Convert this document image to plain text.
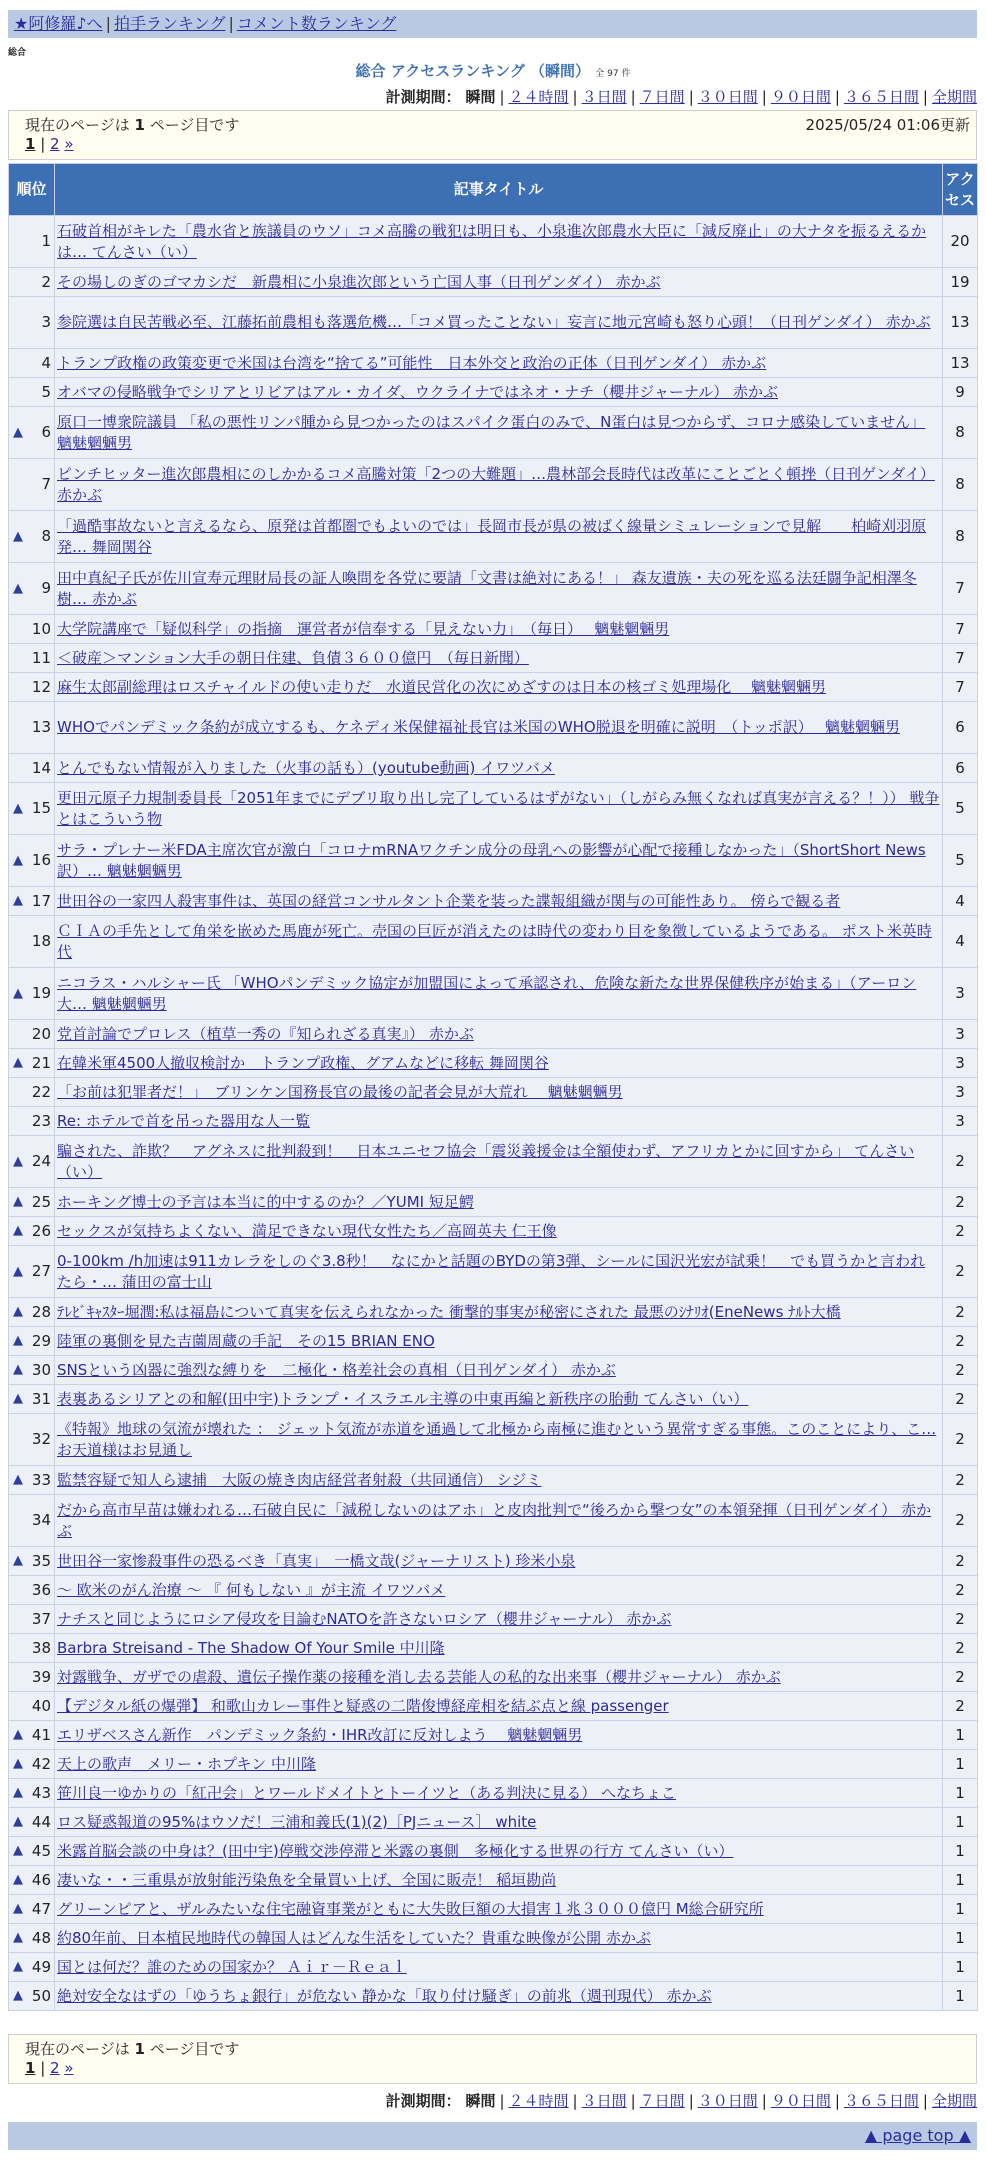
★阿修羅♪へ | 拍手ランキング | コメント数ランキング
総合
総合 アクセスランキング （瞬間） 全 97 件
計測期間： 瞬間 | ２４時間 | ３日間 | ７日間 | ３０日間 | ９０日間 | ３６５日間 | 全期間
現在のページは 1 ページ目です	2025/05/24 01:06更新
1 | 2 »
順位	記事タイトル	アクセス
1	石破首相がキレた「農水省と族議員のウソ」コメ高騰の戦犯は明日も、小泉進次郎農水大臣に「減反廃止」の大ナタを振るえるかは… てんさい（い）	20
2	その場しのぎのゴマカシだ　新農相に小泉進次郎という亡国人事（日刊ゲンダイ） 赤かぶ	19
3	参院選は自民苦戦必至、江藤拓前農相も落選危機…「コメ買ったことない」妄言に地元宮崎も怒り心頭！（日刊ゲンダイ） 赤かぶ	13
4	トランプ政権の政策変更で米国は台湾を“捨てる”可能性　日本外交と政治の正体（日刊ゲンダイ） 赤かぶ	13
5	オバマの侵略戦争でシリアとリビアはアル・カイダ、ウクライナではネオ・ナチ（櫻井ジャーナル） 赤かぶ	9

▲ 6	原口一博衆院議員 「私の悪性リンパ腫から見つかったのはスパイク蛋白のみで、N蛋白は見つからず、コロナ感染していません」 魑魅魍魎男	8
7	ピンチヒッター進次郎農相にのしかかるコメ高騰対策「2つの大難題」…農林部会長時代は改革にことごとく頓挫（日刊ゲンダイ） 赤かぶ	8

▲ 8	「過酷事故ないと言えるなら、原発は首都圏でもよいのでは」長岡市長が県の被ばく線量シミュレーションで見解　　柏崎刈羽原発… 舞岡関谷	8

▲ 9	田中真紀子氏が佐川宣寿元理財局長の証人喚問を各党に要請「文書は絶対にある！」 森友遺族・夫の死を巡る法廷闘争記相澤冬樹… 赤かぶ	7
10	大学院講座で「疑似科学」の指摘　運営者が信奉する「見えない力」　（毎日）　 魑魅魍魎男	7
11	＜破産＞マンション大手の朝日住建、負債３６００億円　（毎日新聞）	7
12	麻生太郎副総理はロスチャイルドの使い走りだ　水道民営化の次にめざすのは日本の核ゴミ処理場化　 魑魅魍魎男	7
13	WHOでパンデミック条約が成立するも、ケネディ米保健福祉長官は米国のWHO脱退を明確に説明　（トッポ訳）　 魑魅魍魎男	6
14	とんでもない情報が入りました（火事の話も）(youtube動画) イワツバメ	6

▲ 15	更田元原子力規制委員長「2051年までにデブリ取り出し完了しているはずがない」（しがらみ無くなれば真実が言える？！）） 戦争とはこういう物	5

▲ 16	サラ・プレナー米FDA主席次官が激白「コロナmRNAワクチン成分の母乳への影響が心配で接種しなかった」（ShortShort News訳）… 魑魅魍魎男	5

▲ 17	世田谷の一家四人殺害事件は、英国の経営コンサルタント企業を装った諜報組織が関与の可能性あり。 傍らで観る者	4
18	ＣＩＡの手先として角栄を嵌めた馬鹿が死亡。売国の巨匠が消えたのは時代の変わり目を象徴しているようである。 ポスト米英時代	4

▲ 19	ニコラス・ハルシャー氏 「WHOパンデミック協定が加盟国によって承認され、危険な新たな世界保健秩序が始まる」（アーロン大… 魑魅魍魎男	3
20	党首討論でプロレス（植草一秀の『知られざる真実』） 赤かぶ	3

▲ 21	在韓米軍4500人撤収検討か　トランプ政権、グアムなどに移転 舞岡関谷	3
22	「お前は犯罪者だ！」　ブリンケン国務長官の最後の記者会見が大荒れ　 魑魅魍魎男	3
23	Re: ホテルで首を吊った器用な人一覧	3

▲ 24	騙された、詐欺？　アグネスに批判殺到！　日本ユニセフ協会「震災義援金は全額使わず、アフリカとかに回すから」 てんさい（い）	2

▲ 25	ホーキング博士の予言は本当に的中するのか？／YUMI 短足鰐	2

▲ 26	セックスが気持ちよくない、満足できない現代女性たち／高岡英夫 仁王像	2

▲ 27	0-100km /h加速は911カレラをしのぐ3.8秒！　なにかと話題のBYDの第3弾、シールに国沢光宏が試乗！　でも買うかと言われたら・… 蒲田の富士山	2

▲ 28	ﾃﾚﾋﾞｷｬｽﾀｰ堀潤:私は福島について真実を伝えられなかった 衝撃的事実が秘密にされた 最悪のｼﾅﾘｵ(EneNews ﾅﾙﾄ大橋	2

▲ 29	陸軍の裏側を見た吉薗周蔵の手記　その15 BRIAN ENO	2

▲ 30	SNSという凶器に強烈な縛りを　二極化・格差社会の真相（日刊ゲンダイ） 赤かぶ	2

▲ 31	表裏あるシリアとの和解(田中宇)トランプ・イスラエル主導の中東再編と新秩序の胎動 てんさい（い）	2
32	《特報》地球の気流が壊れた ： ジェット気流が赤道を通過して北極から南極に進むという異常すぎる事態。このことにより、こ… お天道様はお見通し	2

▲ 33	監禁容疑で知人ら逮捕　大阪の焼き肉店経営者射殺（共同通信） シジミ	2
34	だから高市早苗は嫌われる…石破自民に「減税しないのはアホ」と皮肉批判で“後ろから撃つ女”の本領発揮（日刊ゲンダイ） 赤かぶ	2

▲ 35	世田谷一家惨殺事件の恐るべき「真実」　一橋文哉(ジャーナリスト) 珍米小泉	2
36	～ 欧米のがん治療 ～ 『 何もしない 』が主流 イワツバメ	2
37	ナチスと同じようにロシア侵攻を目論むNATOを許さないロシア（櫻井ジャーナル） 赤かぶ	2
38	Barbra Streisand - The Shadow Of Your Smile 中川隆	2
39	対露戦争、ガザでの虐殺、遺伝子操作薬の接種を消し去る芸能人の私的な出来事（櫻井ジャーナル） 赤かぶ	2
40	【デジタル紙の爆弾】 和歌山カレー事件と疑惑の二階俊博経産相を結ぶ点と線 passenger	2

▲ 41	エリザベスさん新作　パンデミック条約・IHR改訂に反対しよう　 魑魅魍魎男	1

▲ 42	天上の歌声＿メリー・ホプキン 中川隆	1

▲ 43	笹川良一ゆかりの「紅卍会」とワールドメイトとトーイツと（ある判決に見る） へなちょこ	1

▲ 44	ロス疑惑報道の95%はウソだ！三浦和義氏(1)(2)［PJニュース］ white	1

▲ 45	米露首脳会談の中身は？(田中宇)停戦交渉停滞と米露の裏側　多極化する世界の行方 てんさい（い）	1

▲ 46	凄いな・・三重県が放射能汚染魚を全量買い上げ、全国に販売！ 稲垣勘尚	1

▲ 47	グリーンピアと、ザルみたいな住宅融資事業がともに大失敗巨額の大損害１兆３０００億円 M総合研究所	1

▲ 48	約80年前、日本植民地時代の韓国人はどんな生活をしていた？貴重な映像が公開 赤かぶ	1

▲ 49	国とは何だ？誰のための国家か？ Ａｉｒ－Ｒｅａｌ	1

▲ 50	絶対安全なはずの「ゆうちょ銀行」が危ない 静かな「取り付け騒ぎ」の前兆（週刊現代） 赤かぶ	1
現在のページは 1 ページ目です
1 | 2 »
計測期間： 瞬間 | ２４時間 | ３日間 | ７日間 | ３０日間 | ９０日間 | ３６５日間 | 全期間
▲ page top ▲
